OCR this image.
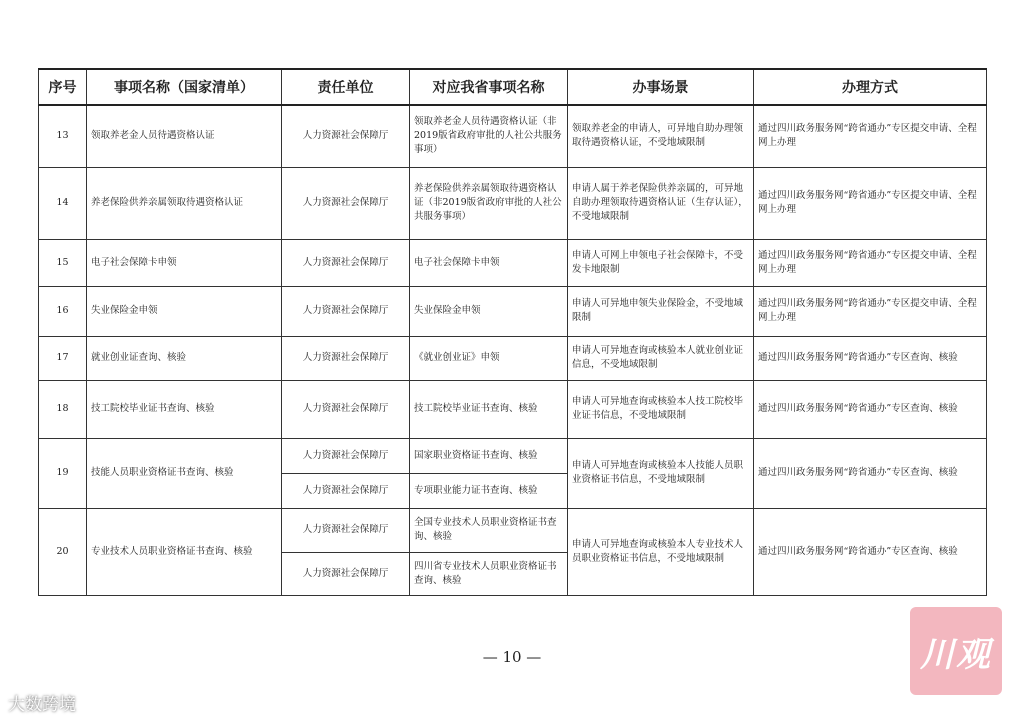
序号	事项名称（国家清单）	责任单位	对应我省事项名称	办事场景	办理方式
13	领取养老金人员待遇资格认证	人力资源社会保障厅	领取养老金人员待遇资格认证（非2019版省政府审批的人社公共服务事项）	领取养老金的申请人，可异地自助办理领取待遇资格认证，不受地域限制	通过四川政务服务网“跨省通办”专区提交申请、全程网上办理
14	养老保险供养亲属领取待遇资格认证	人力资源社会保障厅	养老保险供养亲属领取待遇资格认证（非2019版省政府审批的人社公共服务事项）	申请人属于养老保险供养亲属的，可异地自助办理领取待遇资格认证（生存认证），不受地域限制	通过四川政务服务网“跨省通办”专区提交申请、全程网上办理
15	电子社会保障卡申领	人力资源社会保障厅	电子社会保障卡申领	申请人可网上申领电子社会保障卡，不受发卡地限制	通过四川政务服务网“跨省通办”专区提交申请、全程网上办理
16	失业保险金申领	人力资源社会保障厅	失业保险金申领	申请人可异地申领失业保险金，不受地域限制	通过四川政务服务网“跨省通办”专区提交申请、全程网上办理
17	就业创业证查询、核验	人力资源社会保障厅	《就业创业证》申领	申请人可异地查询或核验本人就业创业证信息，不受地域限制	通过四川政务服务网“跨省通办”专区查询、核验
18	技工院校毕业证书查询、核验	人力资源社会保障厅	技工院校毕业证书查询、核验	申请人可异地查询或核验本人技工院校毕业证书信息，不受地域限制	通过四川政务服务网“跨省通办”专区查询、核验
19	技能人员职业资格证书查询、核验	人力资源社会保障厅	国家职业资格证书查询、核验	申请人可异地查询或核验本人技能人员职业资格证书信息，不受地域限制	通过四川政务服务网“跨省通办”专区查询、核验
		人力资源社会保障厅	专项职业能力证书查询、核验		
20	专业技术人员职业资格证书查询、核验	人力资源社会保障厅	全国专业技术人员职业资格证书查询、核验	申请人可异地查询或核验本人专业技术人员职业资格证书信息，不受地域限制	通过四川政务服务网“跨省通办”专区查询、核验
		人力资源社会保障厅	四川省专业技术人员职业资格证书查询、核验		
— 10 —
大数跨境
川观
